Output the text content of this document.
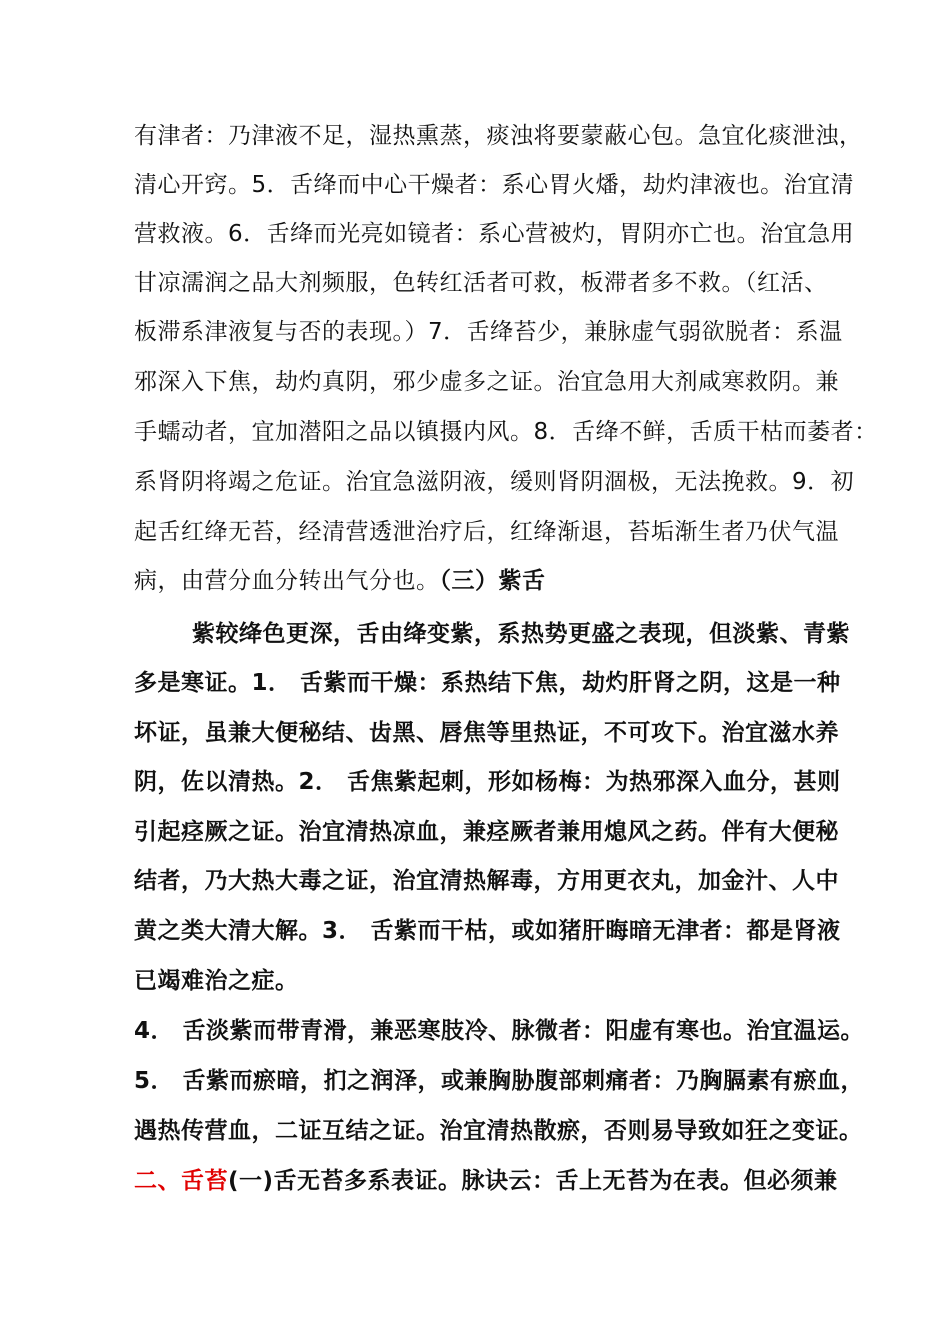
有津者：乃津液不足，湿热熏蒸，痰浊将要蒙蔽心包。急宜化痰泄浊，
清心开窍。5．舌绛而中心干燥者：系心胃火燔，劫灼津液也。治宜清
营救液。6．舌绛而光亮如镜者：系心营被灼，胃阴亦亡也。治宜急用
甘凉濡润之品大剂频服，色转红活者可救，板滞者多不救。（红活、
板滞系津液复与否的表现。）7．舌绛苔少，兼脉虚气弱欲脱者：系温
邪深入下焦，劫灼真阴，邪少虚多之证。治宜急用大剂咸寒救阴。兼
手蠕动者，宜加潜阳之品以镇摄内风。8．舌绛不鲜，舌质干枯而萎者：
系肾阴将竭之危证。治宜急滋阴液，缓则肾阴涸极，无法挽救。9．初
起舌红绛无苔，经清营透泄治疗后，红绛渐退，苔垢渐生者乃伏气温
病，由营分血分转出气分也。（三）紫舌
紫较绛色更深，舌由绛变紫，系热势更盛之表现，但淡紫、青紫
多是寒证。1． 舌紫而干燥：系热结下焦，劫灼肝肾之阴，这是一种
坏证，虽兼大便秘结、齿黑、唇焦等里热证，不可攻下。治宜滋水养
阴，佐以清热。2． 舌焦紫起刺，形如杨梅：为热邪深入血分，甚则
引起痉厥之证。治宜清热凉血，兼痉厥者兼用熄风之药。伴有大便秘
结者，乃大热大毒之证，治宜清热解毒，方用更衣丸，加金汁、人中
黄之类大清大解。3． 舌紫而干枯，或如猪肝晦暗无津者：都是肾液
已竭难治之症。
4． 舌淡紫而带青滑，兼恶寒肢冷、脉微者：阳虚有寒也。治宜温运。
5． 舌紫而瘀暗，扪之润泽，或兼胸胁腹部刺痛者：乃胸膈素有瘀血，
遇热传营血，二证互结之证。治宜清热散瘀，否则易导致如狂之变证。
二、舌苔(一)舌无苔多系表证。脉诀云：舌上无苔为在表。但必须兼
